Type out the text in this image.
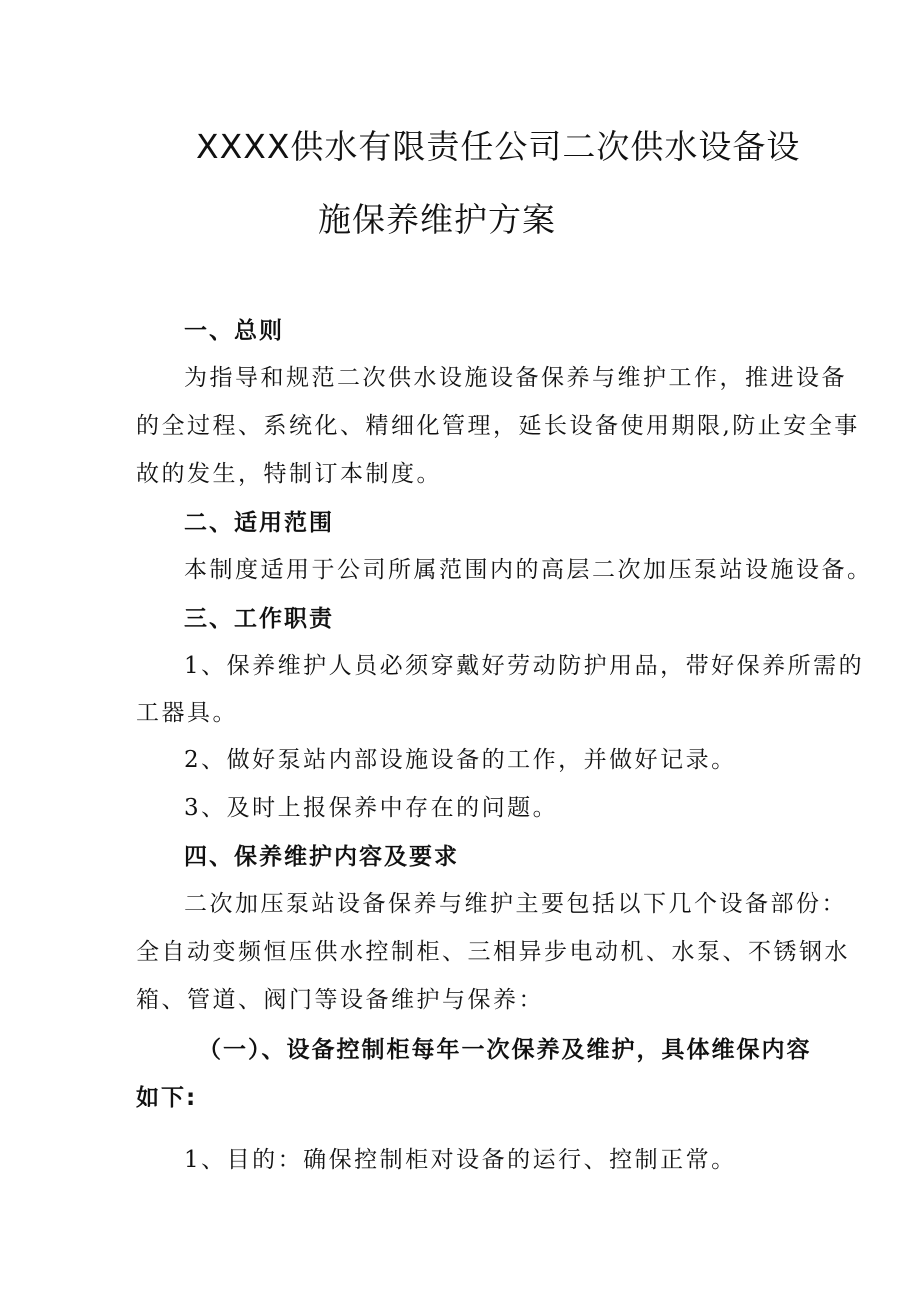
XXXX供水有限责任公司二次供水设备设
施保养维护方案
一、总则
为指导和规范二次供水设施设备保养与维护工作，推进设备
的全过程、系统化、精细化管理，延长设备使用期限,防止安全事
故的发生，特制订本制度。
二、适用范围
本制度适用于公司所属范围内的高层二次加压泵站设施设备。
三、工作职责
1、保养维护人员必须穿戴好劳动防护用品，带好保养所需的
工器具。
2、做好泵站内部设施设备的工作，并做好记录。
3、及时上报保养中存在的问题。
四、保养维护内容及要求
二次加压泵站设备保养与维护主要包括以下几个设备部份：
全自动变频恒压供水控制柜、三相异步电动机、水泵、不锈钢水
箱、管道、阀门等设备维护与保养：
（一）、设备控制柜每年一次保养及维护，具体维保内容
如下:
1、目的：确保控制柜对设备的运行、控制正常。
